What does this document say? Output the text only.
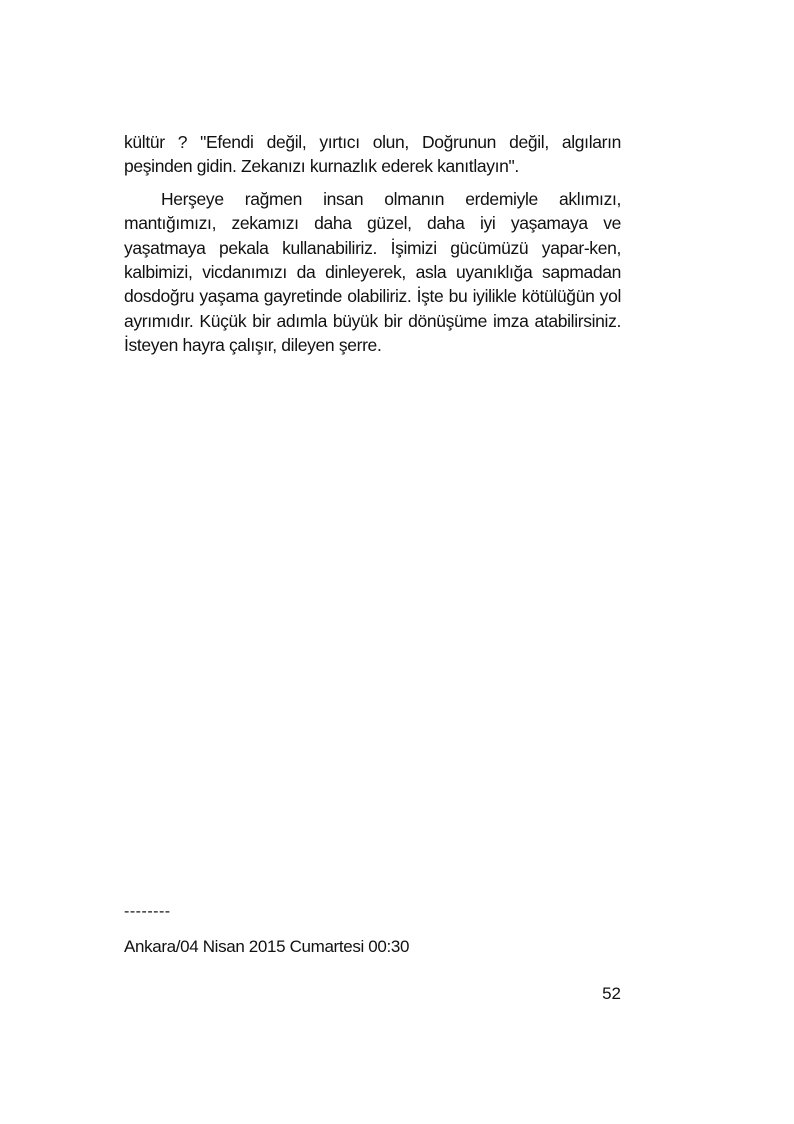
kültür ? "Efendi değil, yırtıcı olun, Doğrunun değil, algıların peşinden gidin. Zekanızı kurnazlık ederek kanıtlayın".

Herşeye rağmen insan olmanın erdemiyle aklımızı, mantığımızı, zekamızı daha güzel, daha iyi yaşamaya ve yaşatmaya pekala kullanabiliriz. İşimizi gücümüzü yapar-ken, kalbimizi, vicdanımızı da dinleyerek, asla uyanıklığa sapmadan dosdoğru yaşama gayretinde olabiliriz. İşte bu iyilikle kötülüğün yol ayrımıdır. Küçük bir adımla büyük bir dönüşüme imza atabilirsiniz. İsteyen hayra çalışır, dileyen şerre.

--------
Ankara/04 Nisan 2015 Cumartesi 00:30
52
